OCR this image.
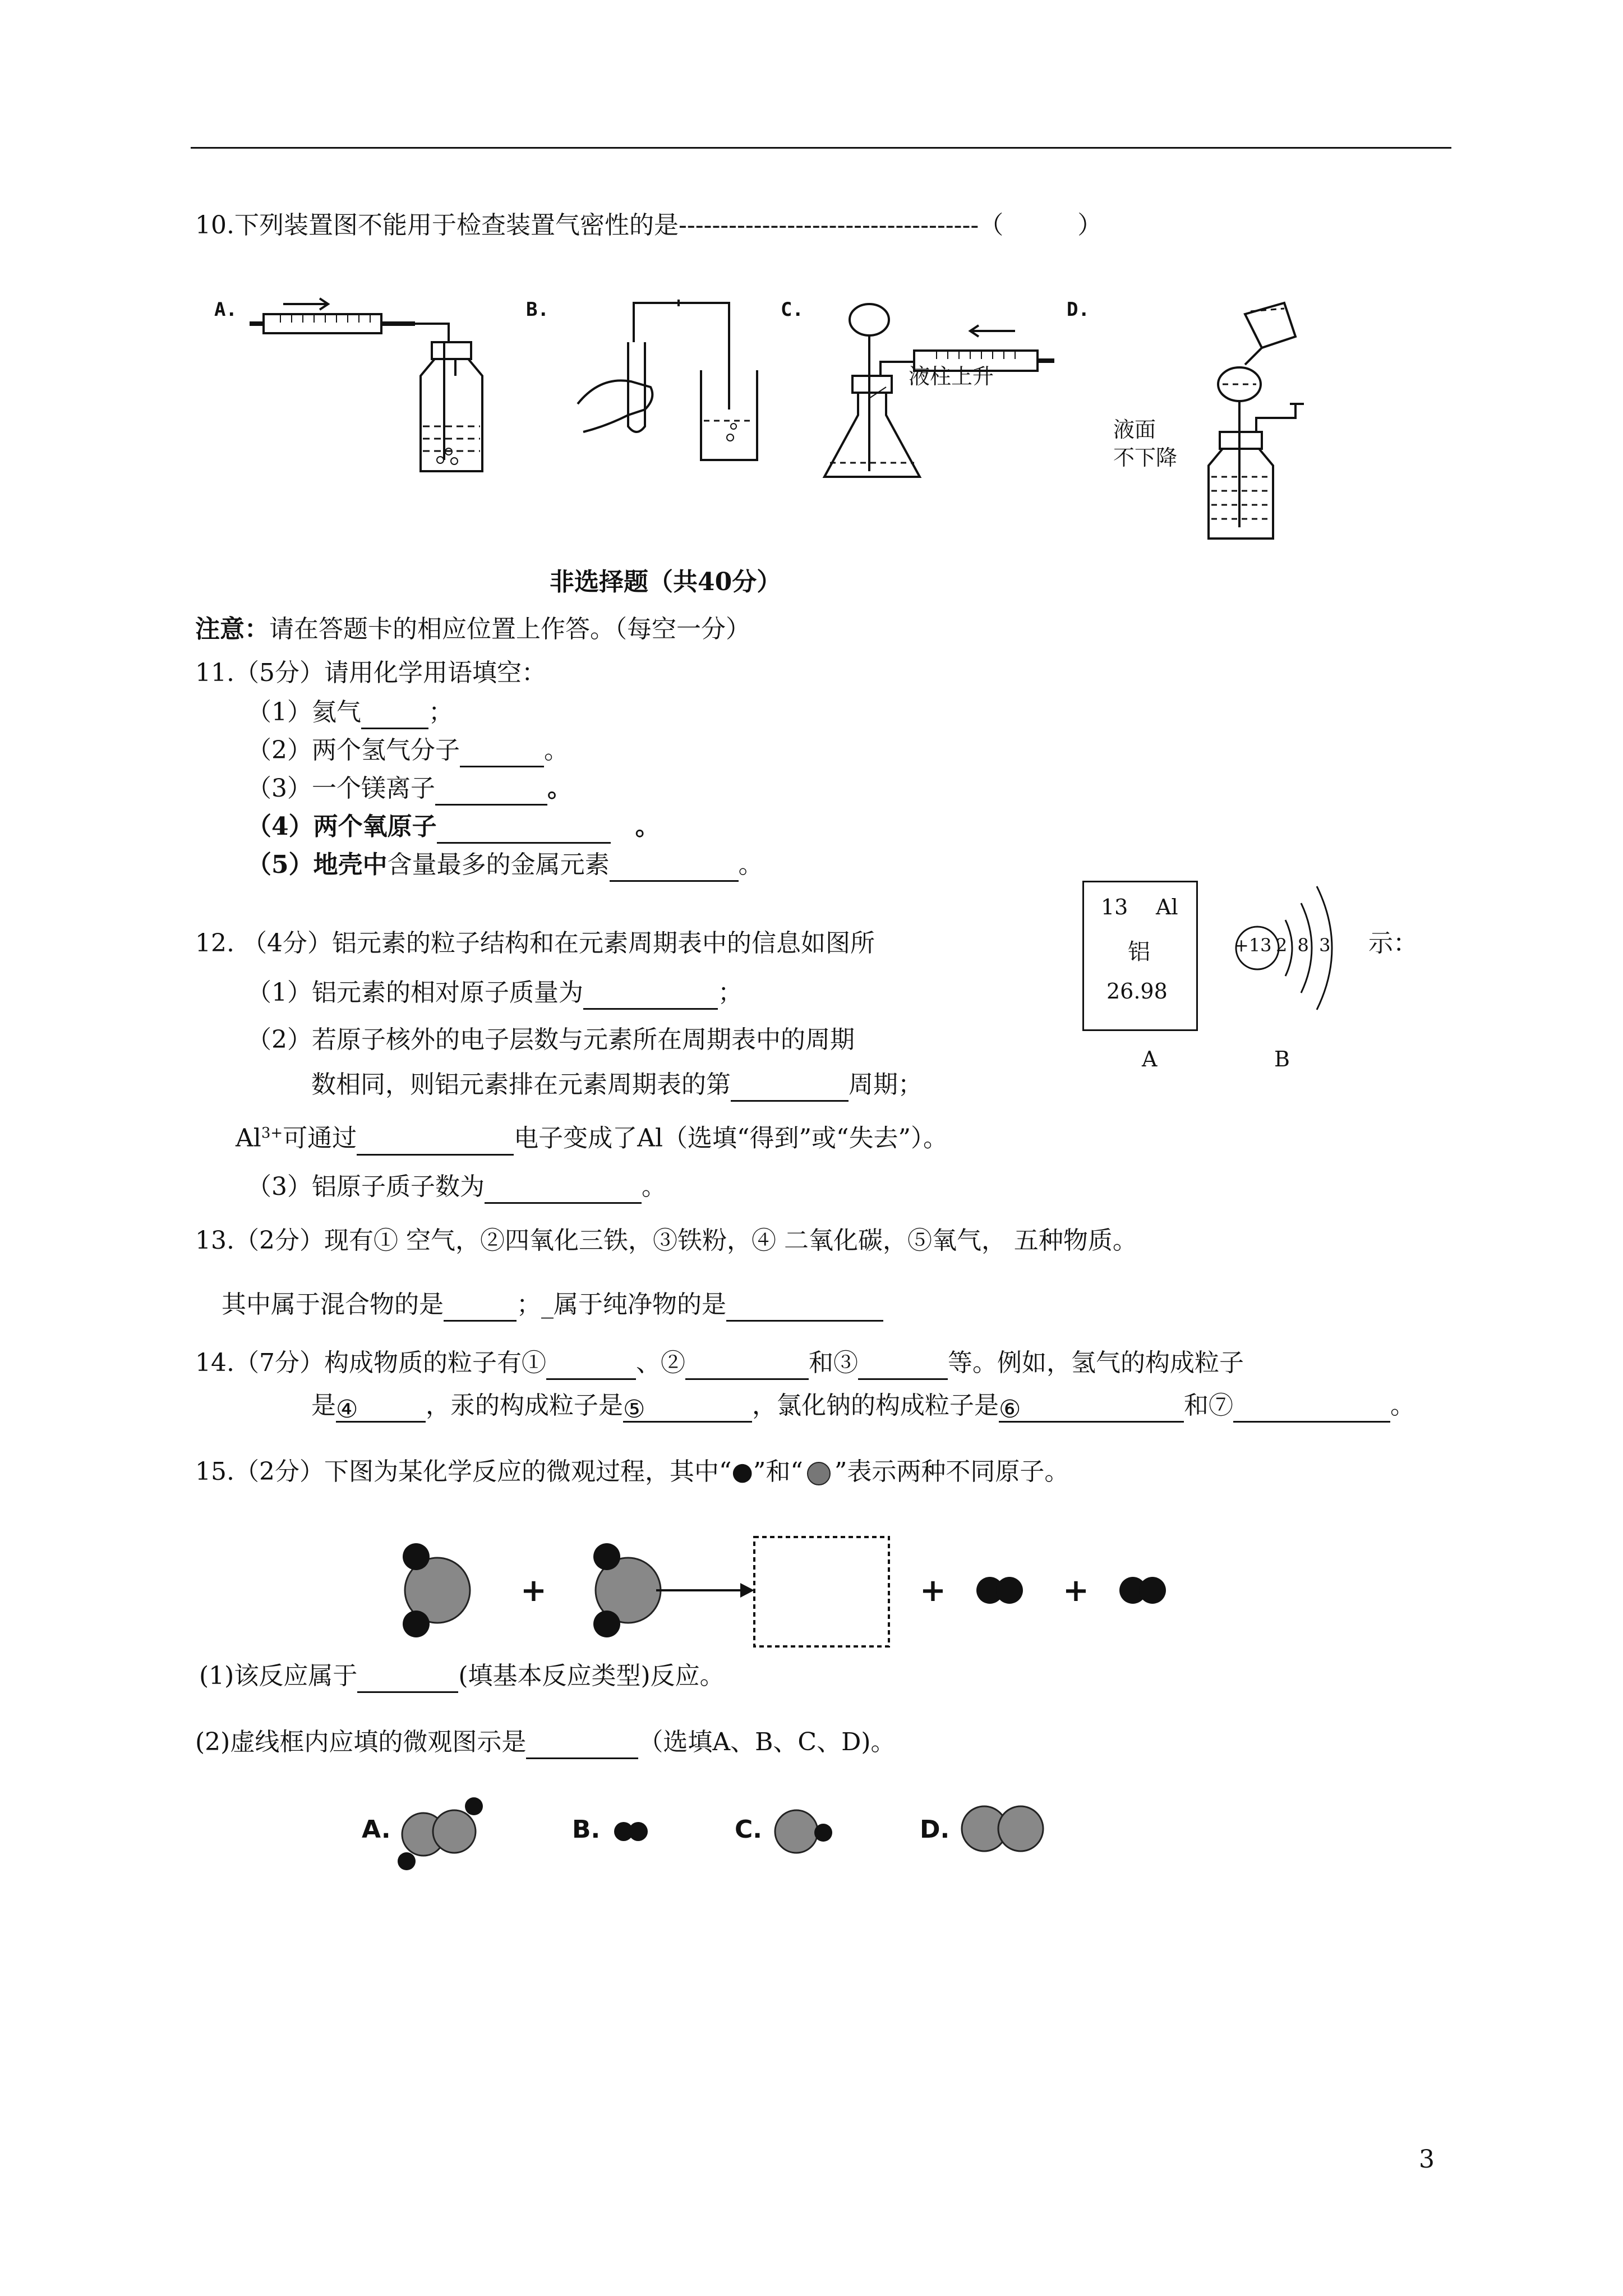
10.下列装置图不能用于检查装置气密性的是------------------------------------（　　　）
A.	B.	C.	D.
液柱上升
液面
不下降
非选择题（共40分）
注意：请在答题卡的相应位置上作答。（每空一分）
11.（5分）请用化学用语填空：
（1）氦气	；
（2）两个氢气分子	。
（3）一个镁离子	。
（4）两个氧原子	　。
（5）地壳中含量最多的金属元素	。
12. （4分）铝元素的粒子结构和在元素周期表中的信息如图所	示：
（1）铝元素的相对原子质量为	；
（2）若原子核外的电子层数与元素所在周期表中的周期
数相同，则铝元素排在元素周期表的第	周期；
$Al^{3+}$可通过	电子变成了Al（选填“得到”或“失去”）。
（3）铝原子质子数为	。
13 Al
铝
26.98
A
+13 2 8 3
B
13.（2分）现有① 空气，②四氧化三铁，③铁粉，④ 二氧化碳，⑤氧气， 五种物质。
其中属于混合物的是	；_属于纯净物的是
14.（7分）构成物质的粒子有①	、②	和③	等。例如，氢气的构成粒子
是④	，汞的构成粒子是⑤	，氯化钠的构成粒子是⑥	和⑦	。
15.（2分）下图为某化学反应的微观过程，其中“●”和“ ”表示两种不同原子。
+	+	+
(1)该反应属于	(填基本反应类型)反应。
(2)虚线框内应填的微观图示是	（选填A、B、C、D)。
A.	B.	C.	D.
3
